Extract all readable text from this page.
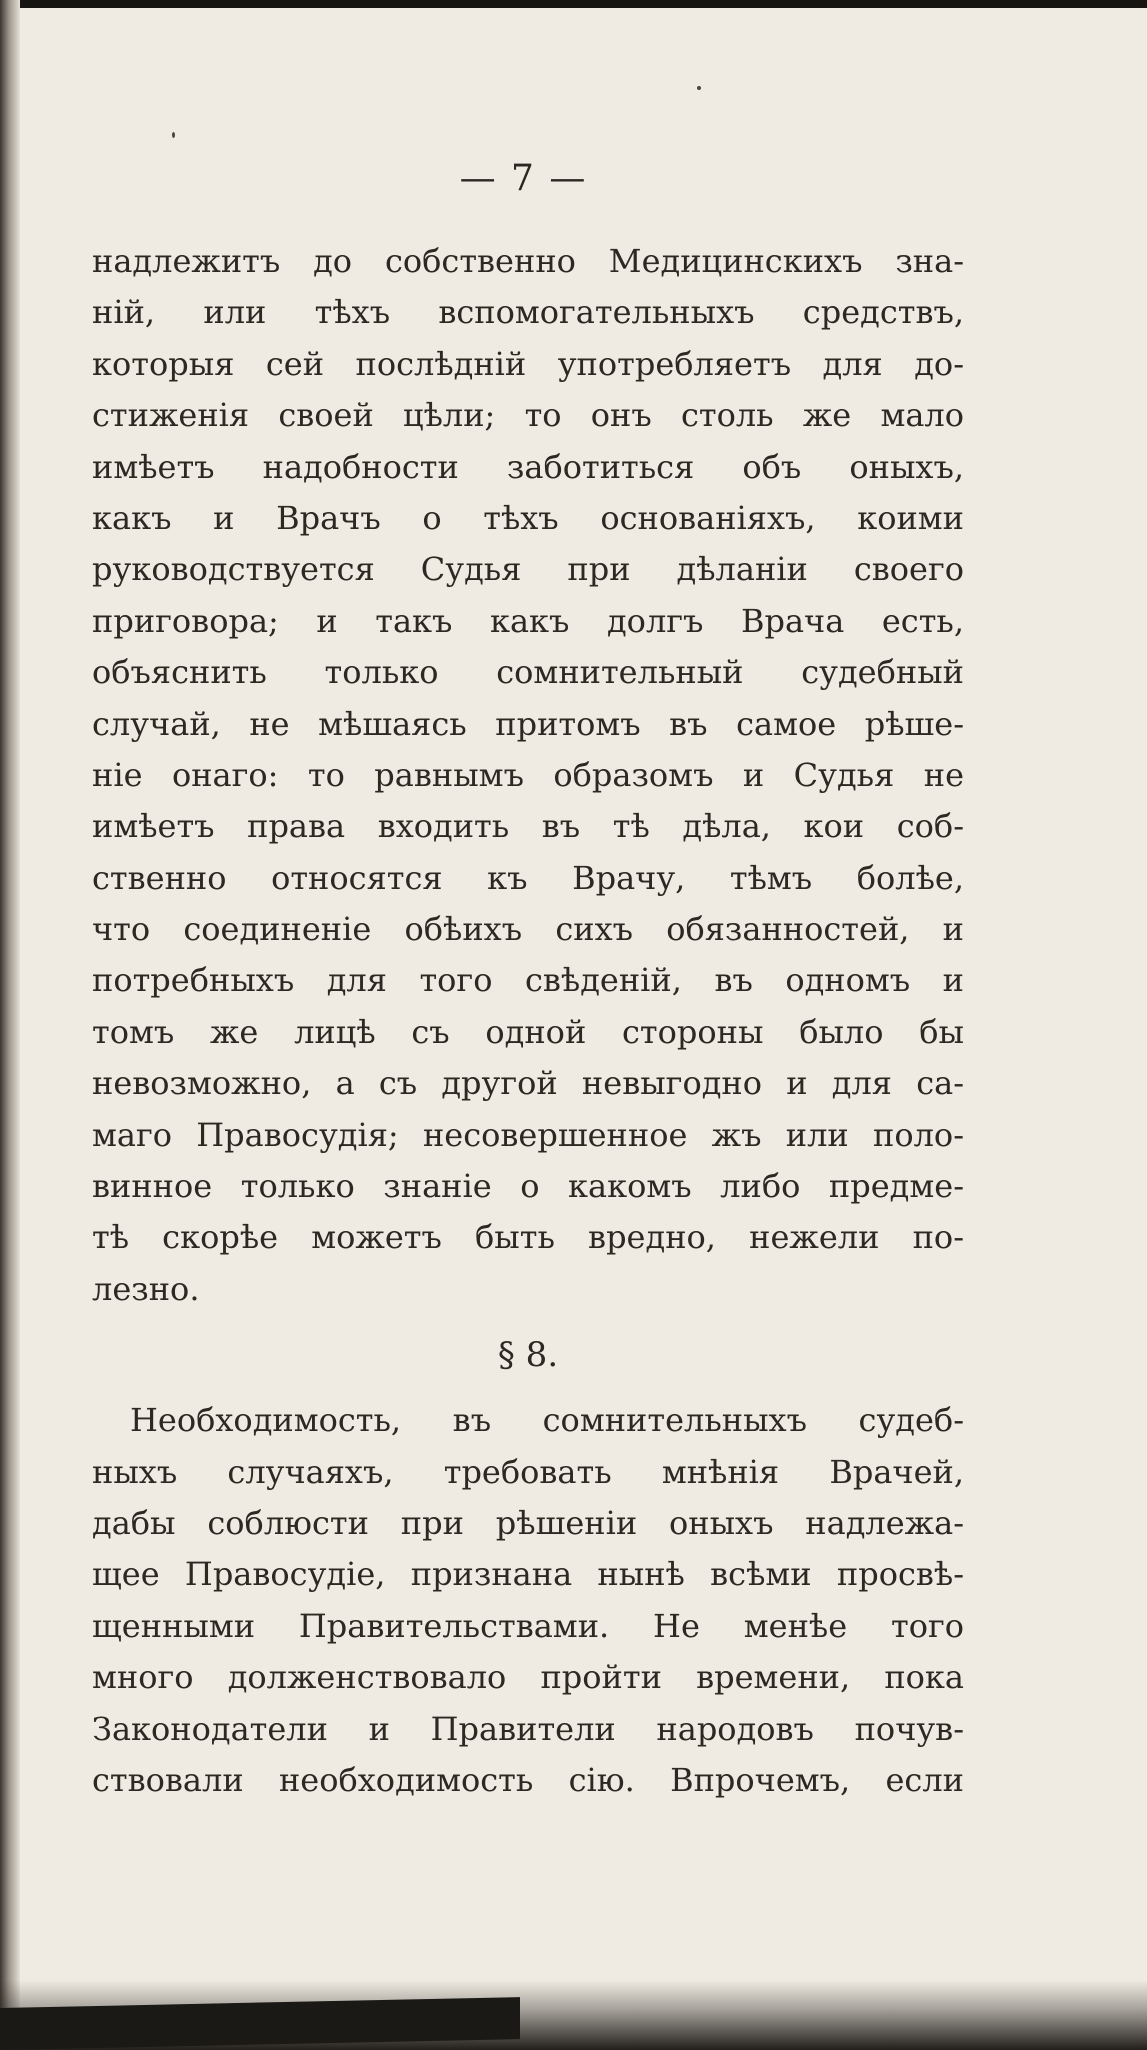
— 7 —
надлежитъ до собственно Медицинскихъ зна-
ній, или тѣхъ вспомогательныхъ средствъ,
которыя сей послѣдній употребляетъ для до-
стиженія своей цѣли; то онъ столь же мало
имѣетъ надобности заботиться объ оныхъ,
какъ и Врачъ о тѣхъ основаніяхъ, коими
руководствуется Судья при дѣланіи своего
приговора; и такъ какъ долгъ Врача есть,
объяснить только сомнительный судебный
случай, не мѣшаясь притомъ въ самое рѣше-
ніе онаго: то равнымъ образомъ и Судья не
имѣетъ права входить въ тѣ дѣла, кои соб-
ственно относятся къ Врачу, тѣмъ болѣе,
что соединеніе обѣихъ сихъ обязанностей, и
потребныхъ для того свѣденій, въ одномъ и
томъ же лицѣ съ одной стороны было бы
невозможно, а съ другой невыгодно и для са-
маго Правосудія; несовершенное жъ или поло-
винное только знаніе о какомъ либо предме-
тѣ скорѣе можетъ быть вредно, нежели по-
лезно.
§ 8.
Необходимость, въ сомнительныхъ судеб-
ныхъ случаяхъ, требовать мнѣнія Врачей,
дабы соблюсти при рѣшеніи оныхъ надлежа-
щее Правосудіе, признана нынѣ всѣми просвѣ-
щенными Правительствами. Не менѣе того
много долженствовало пройти времени, пока
Законодатели и Правители народовъ почув-
ствовали необходимость сію. Впрочемъ, если
